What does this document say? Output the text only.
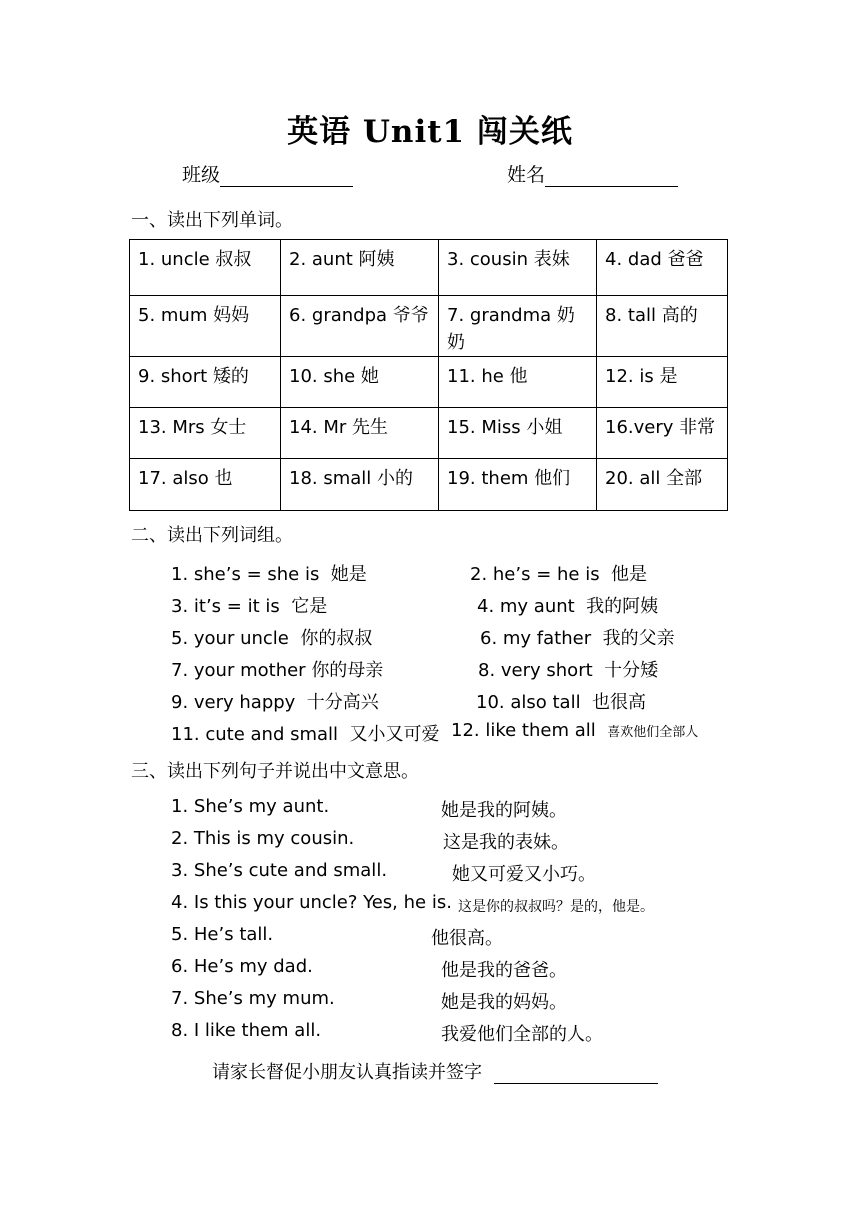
英语 Unit1 闯关纸
班级	姓名
一、读出下列单词。
1. uncle 叔叔	2. aunt 阿姨	3. cousin 表妹	4. dad 爸爸
5. mum 妈妈	6. grandpa 爷爷	7. grandma 奶奶	8. tall 高的
9. short 矮的	10. she 她	11. he 他	12. is 是
13. Mrs 女士	14. Mr 先生	15. Miss 小姐	16.very 非常
17. also 也	18. small 小的	19. them 他们	20. all 全部
二、读出下列词组。
1. she’s = she is 她是	2. he’s = he is 他是
3. it’s = it is 它是	4. my aunt 我的阿姨
5. your uncle 你的叔叔	6. my father 我的父亲
7. your mother 你的母亲	8. very short 十分矮
9. very happy 十分高兴	10. also tall 也很高
11. cute and small 又小又可爱 12. like them all 喜欢他们全部人
三、读出下列句子并说出中文意思。
1. She’s my aunt.	她是我的阿姨。
2. This is my cousin.	这是我的表妹。
3. She’s cute and small.	她又可爱又小巧。
4. Is this your uncle? Yes, he is. 这是你的叔叔吗？是的，他是。
5. He’s tall.	他很高。
6. He’s my dad.	他是我的爸爸。
7. She’s my mum.	她是我的妈妈。
8. I like them all.	我爱他们全部的人。
请家长督促小朋友认真指读并签字
